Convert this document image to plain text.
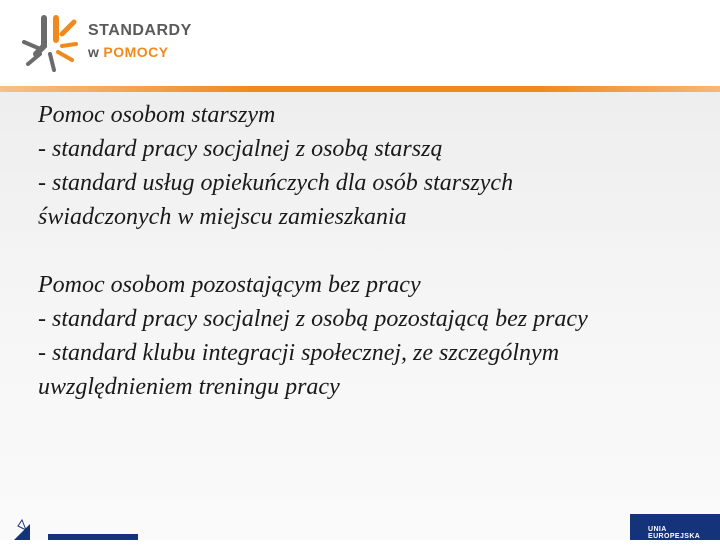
STANDARDY
w POMOCY
Pomoc osobom starszym
- standard pracy socjalnej z osobą starszą
- standard usług opiekuńczych dla osób starszych
świadczonych w miejscu zamieszkania
Pomoc osobom pozostającym bez pracy
- standard pracy socjalnej z osobą pozostającą bez pracy
- standard klubu integracji społecznej, ze szczególnym
uwzględnieniem treningu pracy
UNIA EUROPEJSKA
